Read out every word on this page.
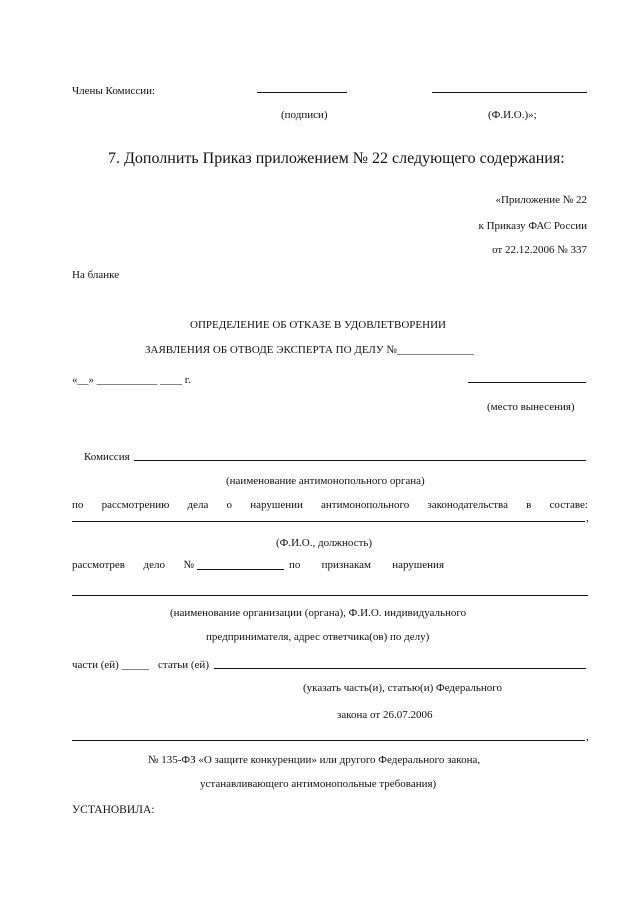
Члены Комиссии:
(подписи)	(Ф.И.О.)»;
7. Дополнить Приказ приложением № 22 следующего содержания:
«Приложение № 22
к Приказу ФАС России
от 22.12.2006 № 337
На бланке
ОПРЕДЕЛЕНИЕ ОБ ОТКАЗЕ В УДОВЛЕТВОРЕНИИ
ЗАЯВЛЕНИЯ ОБ ОТВОДЕ ЭКСПЕРТА ПО ДЕЛУ №______________
«__» ___________ ____ г.
(место вынесения)
Комиссия
(наименование антимонопольного органа)
по рассмотрению дела о нарушении антимонопольного законодательства в составе:
,
(Ф.И.О., должность)
рассмотрев дело №	по признакам нарушения
(наименование организации (органа), Ф.И.О. индивидуального
предпринимателя, адрес ответчика(ов) по делу)
части (ей) _____ статьи (ей)
(указать часть(и), статью(и) Федерального
закона от 26.07.2006
,
№ 135-ФЗ «О защите конкуренции» или другого Федерального закона,
устанавливающего антимонопольные требования)
УСТАНОВИЛА:
